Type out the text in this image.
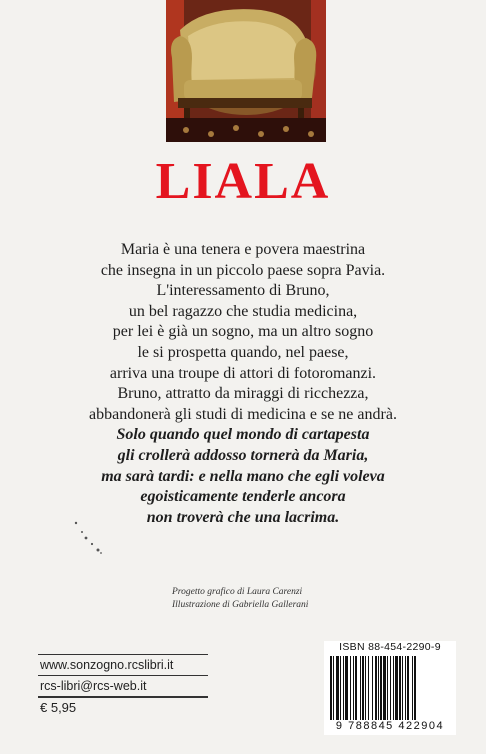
LIALA
Maria è una tenera e povera maestrina
che insegna in un piccolo paese sopra Pavia.
L'interessamento di Bruno,
un bel ragazzo che studia medicina,
per lei è già un sogno, ma un altro sogno
le si prospetta quando, nel paese,
arriva una troupe di attori di fotoromanzi.
Bruno, attratto da miraggi di ricchezza,
abbandonerà gli studi di medicina e se ne andrà.
Solo quando quel mondo di cartapesta
gli crollerà addosso tornerà da Maria,
ma sarà tardi: e nella mano che egli voleva
egoisticamente tenderle ancora
non troverà che una lacrima.
Progetto grafico di Laura Carenzi
Illustrazione di Gabriella Gallerani
www.sonzogno.rcslibri.it
rcs-libri@rcs-web.it
€ 5,95
ISBN 88-454-2290-9
9 788845 422904
